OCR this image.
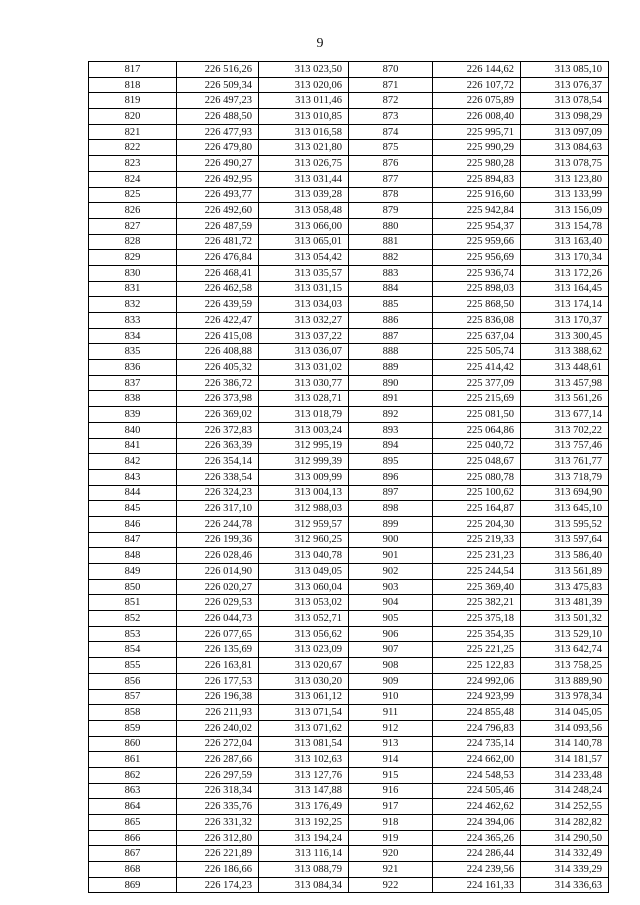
9
817	226 516,26	313 023,50	870	226 144,62	313 085,10
818	226 509,34	313 020,06	871	226 107,72	313 076,37
819	226 497,23	313 011,46	872	226 075,89	313 078,54
820	226 488,50	313 010,85	873	226 008,40	313 098,29
821	226 477,93	313 016,58	874	225 995,71	313 097,09
822	226 479,80	313 021,80	875	225 990,29	313 084,63
823	226 490,27	313 026,75	876	225 980,28	313 078,75
824	226 492,95	313 031,44	877	225 894,83	313 123,80
825	226 493,77	313 039,28	878	225 916,60	313 133,99
826	226 492,60	313 058,48	879	225 942,84	313 156,09
827	226 487,59	313 066,00	880	225 954,37	313 154,78
828	226 481,72	313 065,01	881	225 959,66	313 163,40
829	226 476,84	313 054,42	882	225 956,69	313 170,34
830	226 468,41	313 035,57	883	225 936,74	313 172,26
831	226 462,58	313 031,15	884	225 898,03	313 164,45
832	226 439,59	313 034,03	885	225 868,50	313 174,14
833	226 422,47	313 032,27	886	225 836,08	313 170,37
834	226 415,08	313 037,22	887	225 637,04	313 300,45
835	226 408,88	313 036,07	888	225 505,74	313 388,62
836	226 405,32	313 031,02	889	225 414,42	313 448,61
837	226 386,72	313 030,77	890	225 377,09	313 457,98
838	226 373,98	313 028,71	891	225 215,69	313 561,26
839	226 369,02	313 018,79	892	225 081,50	313 677,14
840	226 372,83	313 003,24	893	225 064,86	313 702,22
841	226 363,39	312 995,19	894	225 040,72	313 757,46
842	226 354,14	312 999,39	895	225 048,67	313 761,77
843	226 338,54	313 009,99	896	225 080,78	313 718,79
844	226 324,23	313 004,13	897	225 100,62	313 694,90
845	226 317,10	312 988,03	898	225 164,87	313 645,10
846	226 244,78	312 959,57	899	225 204,30	313 595,52
847	226 199,36	312 960,25	900	225 219,33	313 597,64
848	226 028,46	313 040,78	901	225 231,23	313 586,40
849	226 014,90	313 049,05	902	225 244,54	313 561,89
850	226 020,27	313 060,04	903	225 369,40	313 475,83
851	226 029,53	313 053,02	904	225 382,21	313 481,39
852	226 044,73	313 052,71	905	225 375,18	313 501,32
853	226 077,65	313 056,62	906	225 354,35	313 529,10
854	226 135,69	313 023,09	907	225 221,25	313 642,74
855	226 163,81	313 020,67	908	225 122,83	313 758,25
856	226 177,53	313 030,20	909	224 992,06	313 889,90
857	226 196,38	313 061,12	910	224 923,99	313 978,34
858	226 211,93	313 071,54	911	224 855,48	314 045,05
859	226 240,02	313 071,62	912	224 796,83	314 093,56
860	226 272,04	313 081,54	913	224 735,14	314 140,78
861	226 287,66	313 102,63	914	224 662,00	314 181,57
862	226 297,59	313 127,76	915	224 548,53	314 233,48
863	226 318,34	313 147,88	916	224 505,46	314 248,24
864	226 335,76	313 176,49	917	224 462,62	314 252,55
865	226 331,32	313 192,25	918	224 394,06	314 282,82
866	226 312,80	313 194,24	919	224 365,26	314 290,50
867	226 221,89	313 116,14	920	224 286,44	314 332,49
868	226 186,66	313 088,79	921	224 239,56	314 339,29
869	226 174,23	313 084,34	922	224 161,33	314 336,63
